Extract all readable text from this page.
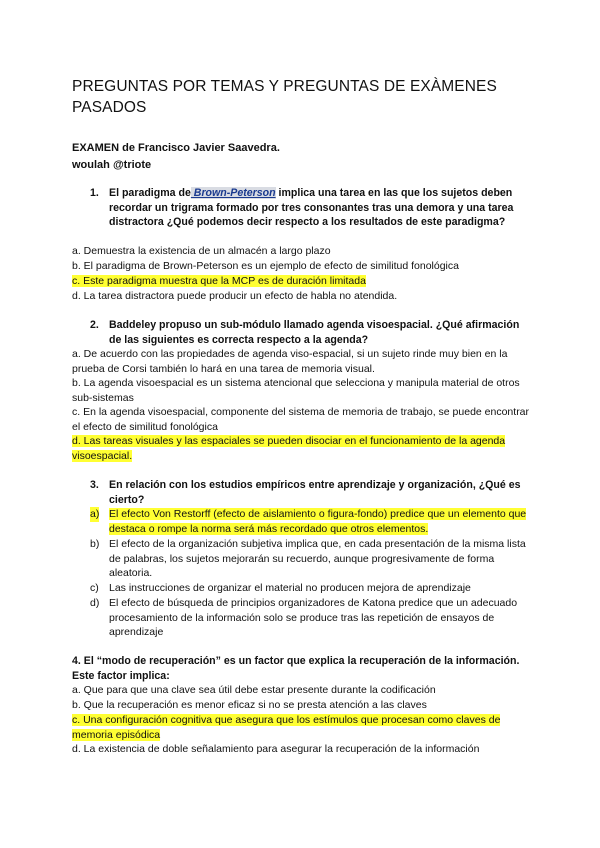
PREGUNTAS POR TEMAS Y PREGUNTAS DE EXÀMENES PASADOS
EXAMEN de Francisco Javier Saavedra.
woulah @triote

1. El paradigma de Brown-Peterson implica una tarea en las que los sujetos deben recordar un trigrama formado por tres consonantes tras una demora y una tarea distractora ¿Qué podemos decir respecto a los resultados de este paradigma?

a. Demuestra la existencia de un almacén a largo plazo

b. El paradigma de Brown-Peterson es un ejemplo de efecto de similitud fonológica

c. Este paradigma muestra que la MCP es de duración limitada

d. La tarea distractora puede producir un efecto de habla no atendida.

2. Baddeley propuso un sub-módulo llamado agenda visoespacial. ¿Qué afirmación de las siguientes es correcta respecto a la agenda?

a. De acuerdo con las propiedades de agenda viso-espacial, si un sujeto rinde muy bien en la prueba de Corsi también lo hará en una tarea de memoria visual.

b. La agenda visoespacial es un sistema atencional que selecciona y manipula material de otros sub-sistemas

c. En la agenda visoespacial, componente del sistema de memoria de trabajo, se puede encontrar el efecto de similitud fonológica

d. Las tareas visuales y las espaciales se pueden disociar en el funcionamiento de la agenda visoespacial.

3. En relación con los estudios empíricos entre aprendizaje y organización, ¿Qué es cierto?

a) El efecto Von Restorff (efecto de aislamiento o figura-fondo) predice que un elemento que destaca o rompe la norma será más recordado que otros elementos.
b) El efecto de la organización subjetiva implica que, en cada presentación de la misma lista de palabras, los sujetos mejorarán su recuerdo, aunque progresivamente de forma aleatoria.
c) Las instrucciones de organizar el material no producen mejora de aprendizaje
d) El efecto de búsqueda de principios organizadores de Katona predice que un adecuado procesamiento de la información solo se produce tras las repetición de ensayos de aprendizaje

4. El “modo de recuperación” es un factor que explica la recuperación de la información. Este factor implica:

a. Que para que una clave sea útil debe estar presente durante la codificación

b. Que la recuperación es menor eficaz si no se presta atención a las claves

c. Una configuración cognitiva que asegura que los estímulos que procesan como claves de memoria episódica

d. La existencia de doble señalamiento para asegurar la recuperación de la información
